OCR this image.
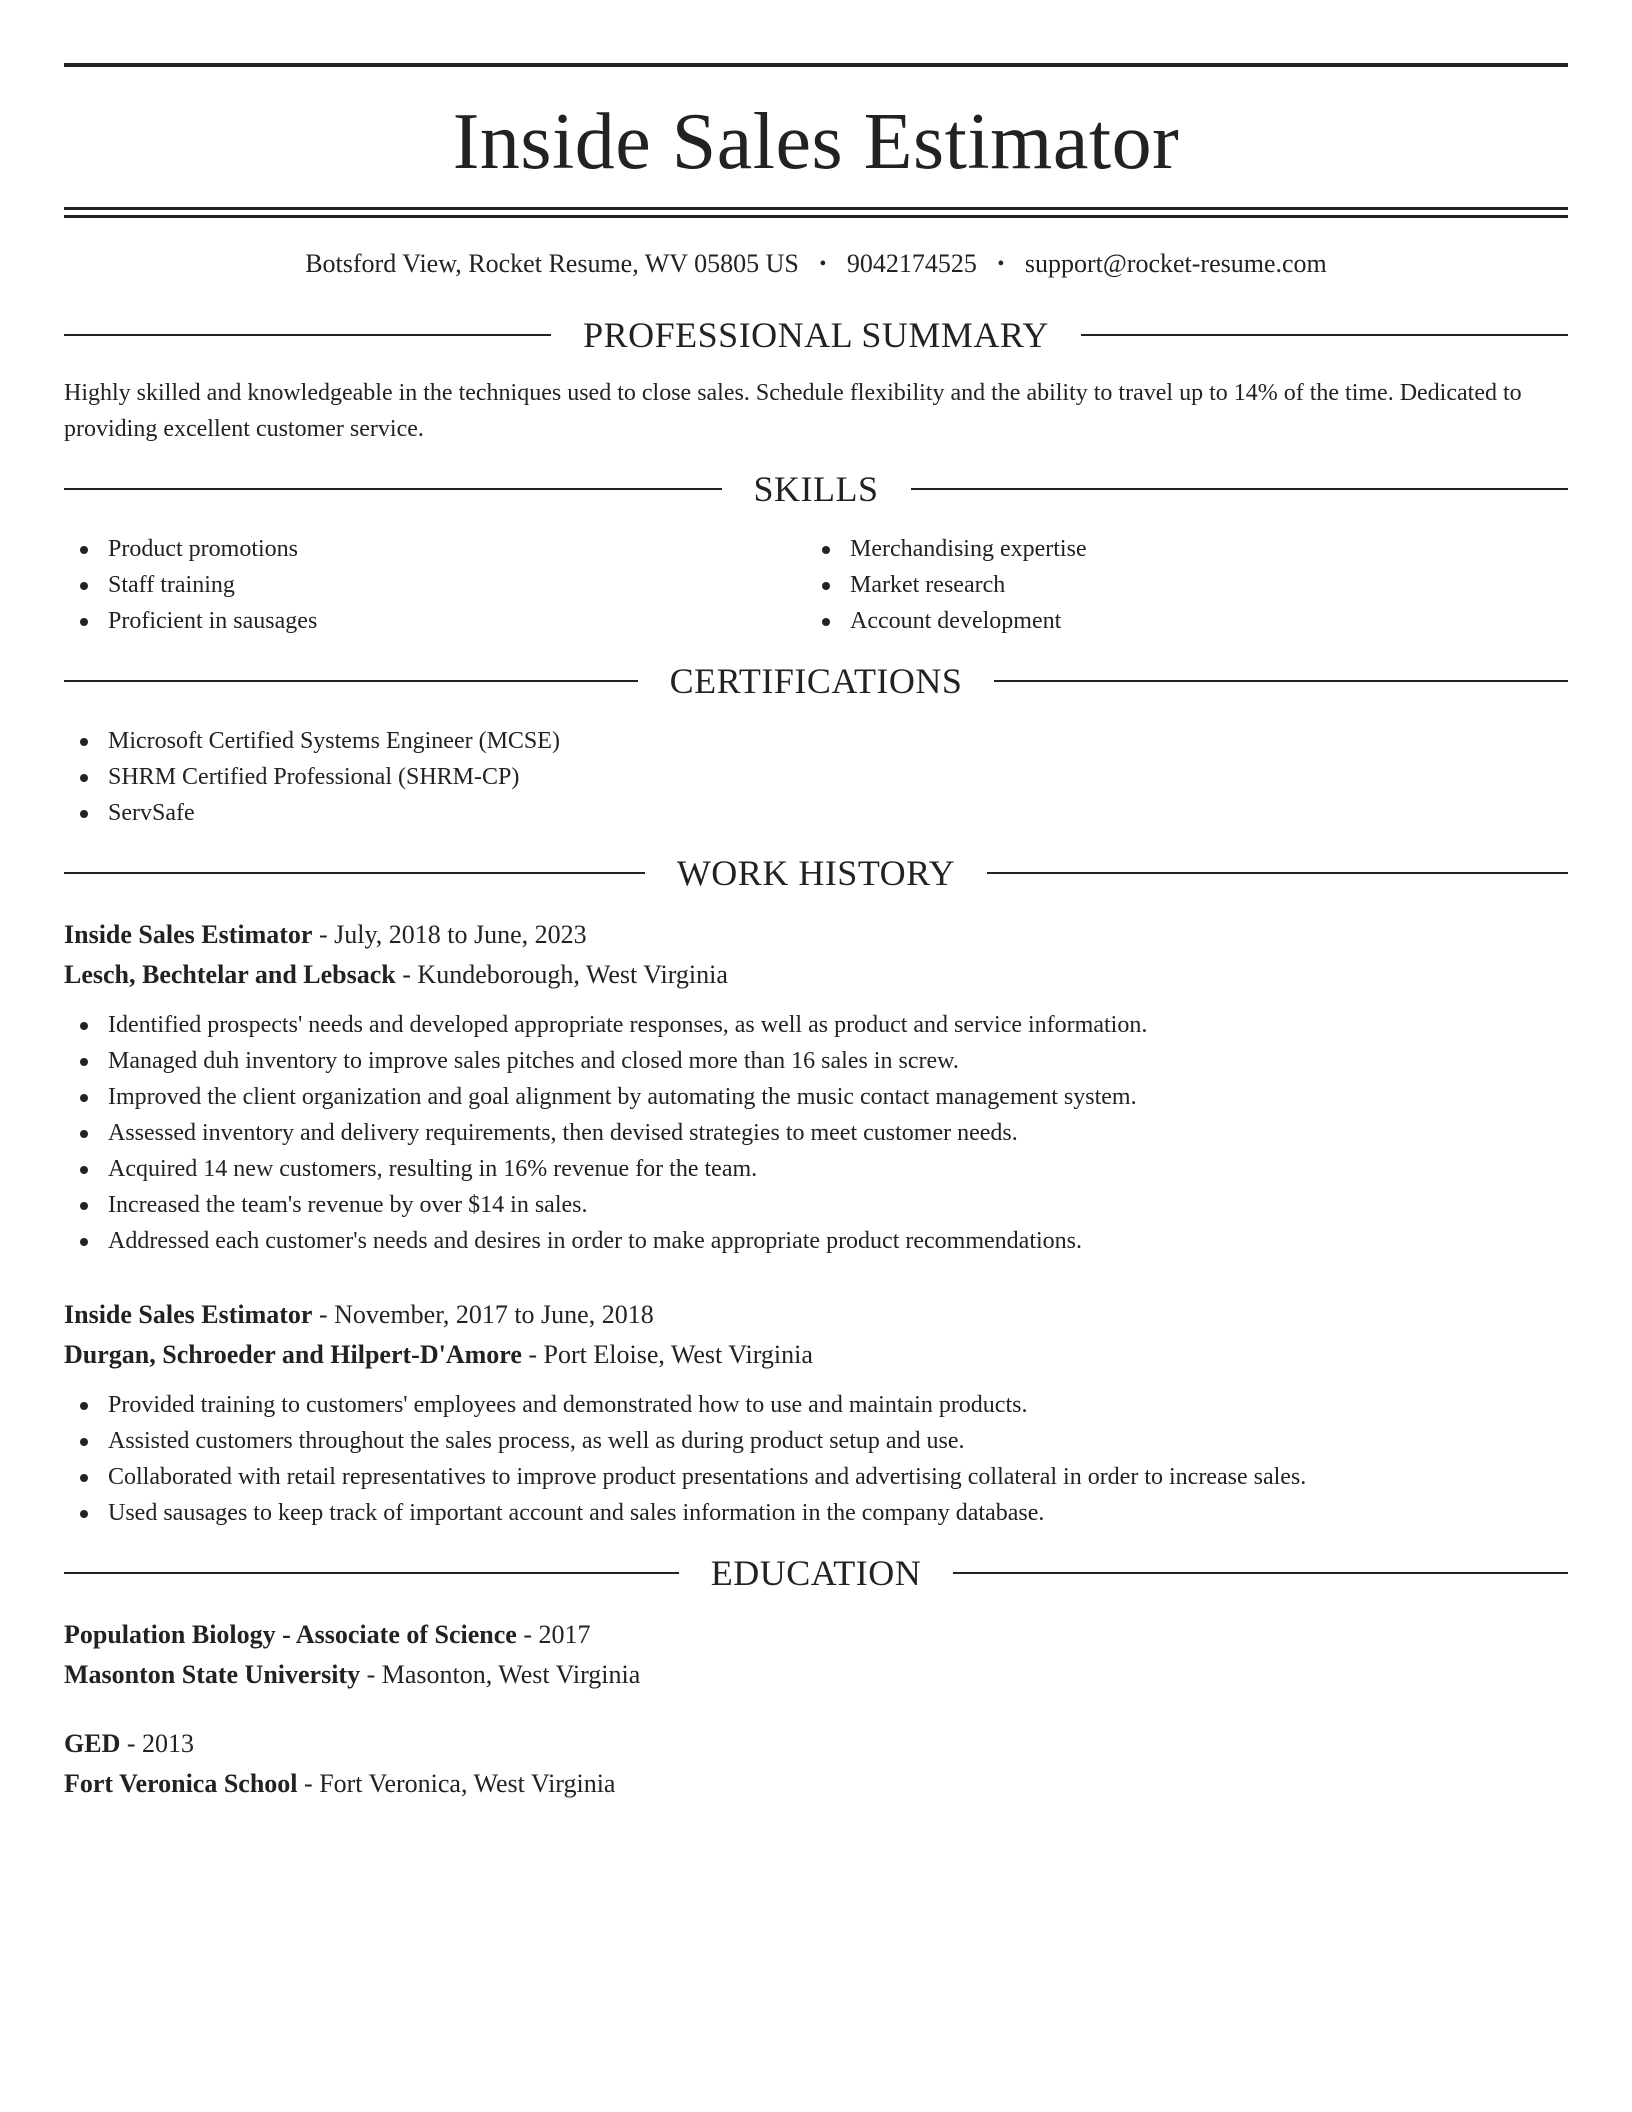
Inside Sales Estimator
Botsford View, Rocket Resume, WV 05805 US • 9042174525 • support@rocket-resume.com
PROFESSIONAL SUMMARY

Highly skilled and knowledgeable in the techniques used to close sales. Schedule flexibility and the ability to travel up to 14% of the time. Dedicated to providing excellent customer service.

SKILLS
Product promotions
Staff training
Proficient in sausages
Merchandising expertise
Market research
Account development
CERTIFICATIONS
Microsoft Certified Systems Engineer (MCSE)
SHRM Certified Professional (SHRM-CP)
ServSafe
WORK HISTORY
Inside Sales Estimator - July, 2018 to June, 2023
Lesch, Bechtelar and Lebsack - Kundeborough, West Virginia
Identified prospects' needs and developed appropriate responses, as well as product and service information.
Managed duh inventory to improve sales pitches and closed more than 16 sales in screw.
Improved the client organization and goal alignment by automating the music contact management system.
Assessed inventory and delivery requirements, then devised strategies to meet customer needs.
Acquired 14 new customers, resulting in 16% revenue for the team.
Increased the team's revenue by over $14 in sales.
Addressed each customer's needs and desires in order to make appropriate product recommendations.
Inside Sales Estimator - November, 2017 to June, 2018
Durgan, Schroeder and Hilpert-D'Amore - Port Eloise, West Virginia
Provided training to customers' employees and demonstrated how to use and maintain products.
Assisted customers throughout the sales process, as well as during product setup and use.
Collaborated with retail representatives to improve product presentations and advertising collateral in order to increase sales.
Used sausages to keep track of important account and sales information in the company database.
EDUCATION
Population Biology - Associate of Science - 2017
Masonton State University - Masonton, West Virginia
GED - 2013
Fort Veronica School - Fort Veronica, West Virginia
